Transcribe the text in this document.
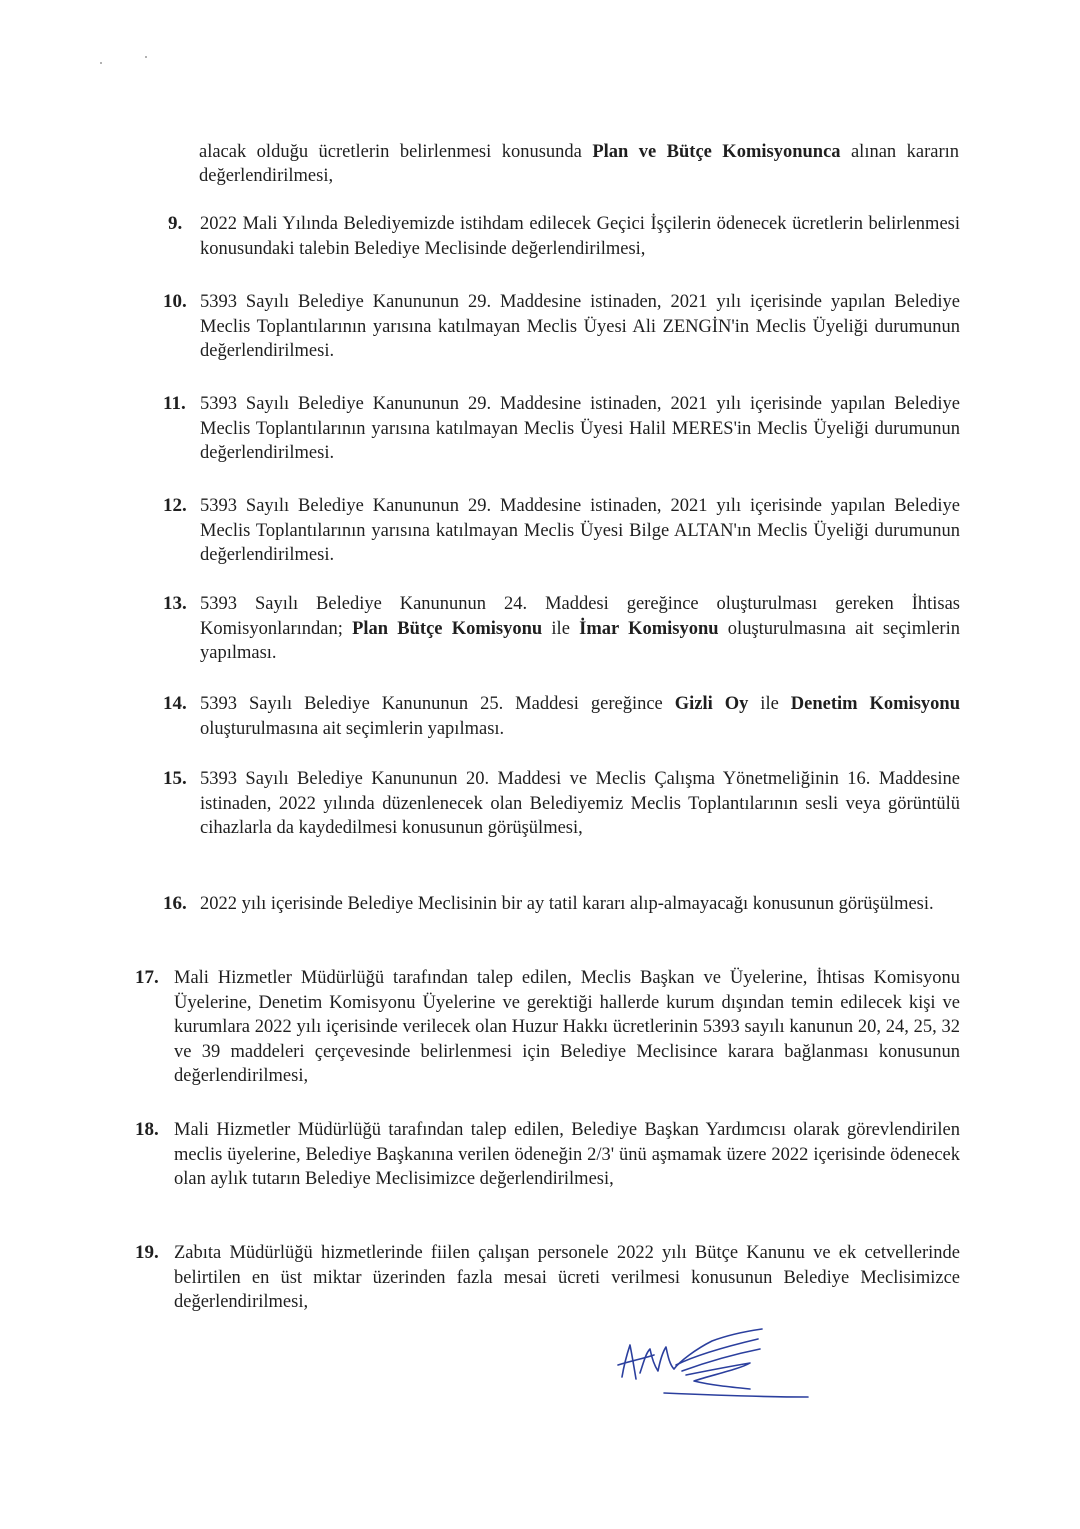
alacak olduğu ücretlerin belirlenmesi konusunda Plan ve Bütçe Komisyonunca alınan kararın değerlendirilmesi,
9. 2022 Mali Yılında Belediyemizde istihdam edilecek Geçici İşçilerin ödenecek ücretlerin belirlenmesi konusundaki talebin Belediye Meclisinde değerlendirilmesi,
10. 5393 Sayılı Belediye Kanununun 29. Maddesine istinaden, 2021 yılı içerisinde yapılan Belediye Meclis Toplantılarının yarısına katılmayan Meclis Üyesi Ali ZENGİN'in Meclis Üyeliği durumunun değerlendirilmesi.
11. 5393 Sayılı Belediye Kanununun 29. Maddesine istinaden, 2021 yılı içerisinde yapılan Belediye Meclis Toplantılarının yarısına katılmayan Meclis Üyesi Halil MERES'in Meclis Üyeliği durumunun değerlendirilmesi.
12. 5393 Sayılı Belediye Kanununun 29. Maddesine istinaden, 2021 yılı içerisinde yapılan Belediye Meclis Toplantılarının yarısına katılmayan Meclis Üyesi Bilge ALTAN'ın Meclis Üyeliği durumunun değerlendirilmesi.
13. 5393 Sayılı Belediye Kanununun 24. Maddesi gereğince oluşturulması gereken İhtisas Komisyonlarından; Plan Bütçe Komisyonu ile İmar Komisyonu oluşturulmasına ait seçimlerin yapılması.
14. 5393 Sayılı Belediye Kanununun 25. Maddesi gereğince Gizli Oy ile Denetim Komisyonu oluşturulmasına ait seçimlerin yapılması.
15. 5393 Sayılı Belediye Kanununun 20. Maddesi ve Meclis Çalışma Yönetmeliğinin 16. Maddesine istinaden, 2022 yılında düzenlenecek olan Belediyemiz Meclis Toplantılarının sesli veya görüntülü cihazlarla da kaydedilmesi konusunun görüşülmesi,
16. 2022 yılı içerisinde Belediye Meclisinin bir ay tatil kararı alıp-almayacağı konusunun görüşülmesi.
17. Mali Hizmetler Müdürlüğü tarafından talep edilen, Meclis Başkan ve Üyelerine, İhtisas Komisyonu Üyelerine, Denetim Komisyonu Üyelerine ve gerektiği hallerde kurum dışından temin edilecek kişi ve kurumlara 2022 yılı içerisinde verilecek olan Huzur Hakkı ücretlerinin 5393 sayılı kanunun 20, 24, 25, 32 ve 39 maddeleri çerçevesinde belirlenmesi için Belediye Meclisince karara bağlanması konusunun değerlendirilmesi,
18. Mali Hizmetler Müdürlüğü tarafından talep edilen, Belediye Başkan Yardımcısı olarak görevlendirilen meclis üyelerine, Belediye Başkanına verilen ödeneğin 2/3' ünü aşmamak üzere 2022 içerisinde ödenecek olan aylık tutarın Belediye Meclisimizce değerlendirilmesi,
19. Zabıta Müdürlüğü hizmetlerinde fiilen çalışan personele 2022 yılı Bütçe Kanunu ve ek cetvellerinde belirtilen en üst miktar üzerinden fazla mesai ücreti verilmesi konusunun Belediye Meclisimizce değerlendirilmesi,
